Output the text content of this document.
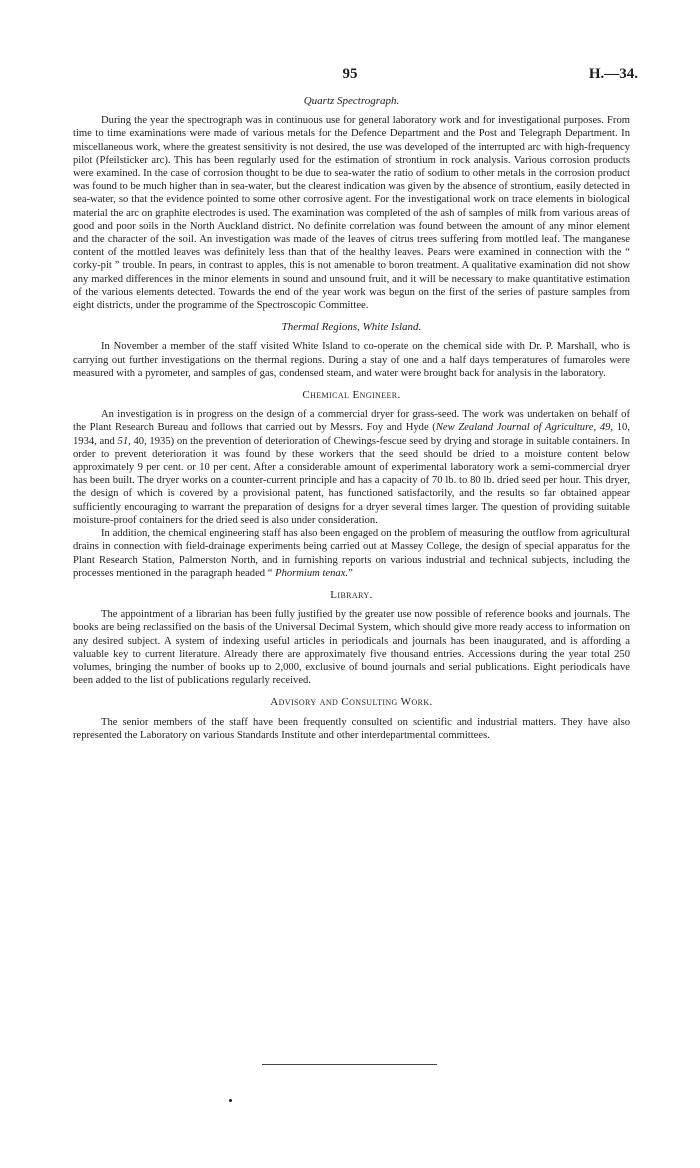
95	H.—34.
Quartz Spectrograph.

During the year the spectrograph was in continuous use for general laboratory work and for investigational purposes. From time to time examinations were made of various metals for the Defence Department and the Post and Telegraph Department. In miscellaneous work, where the greatest sensitivity is not desired, the use was developed of the interrupted arc with high-frequency pilot (Pfeilsticker arc). This has been regularly used for the estimation of strontium in rock analysis. Various corrosion products were examined. In the case of corrosion thought to be due to sea-water the ratio of sodium to other metals in the corrosion product was found to be much higher than in sea-water, but the clearest indication was given by the absence of strontium, easily detected in sea-water, so that the evidence pointed to some other corrosive agent. For the investigational work on trace elements in biological material the arc on graphite electrodes is used. The examination was completed of the ash of samples of milk from various areas of good and poor soils in the North Auckland district. No definite correlation was found between the amount of any minor element and the character of the soil. An investigation was made of the leaves of citrus trees suffering from mottled leaf. The manganese content of the mottled leaves was definitely less than that of the healthy leaves. Pears were examined in connection with the “ corky-pit ” trouble. In pears, in contrast to apples, this is not amenable to boron treatment. A qualitative examination did not show any marked differences in the minor elements in sound and unsound fruit, and it will be necessary to make quantitative estimation of the various elements detected. Towards the end of the year work was begun on the first of the series of pasture samples from eight districts, under the programme of the Spectroscopic Committee.

Thermal Regions, White Island.

In November a member of the staff visited White Island to co-operate on the chemical side with Dr. P. Marshall, who is carrying out further investigations on the thermal regions. During a stay of one and a half days temperatures of fumaroles were measured with a pyrometer, and samples of gas, condensed steam, and water were brought back for analysis in the laboratory.

Chemical Engineer.

An investigation is in progress on the design of a commercial dryer for grass-seed. The work was undertaken on behalf of the Plant Research Bureau and follows that carried out by Messrs. Foy and Hyde (New Zealand Journal of Agriculture, 49, 10, 1934, and 51, 40, 1935) on the prevention of deterioration of Chewings-fescue seed by drying and storage in suitable containers. In order to prevent deterioration it was found by these workers that the seed should be dried to a moisture content below approximately 9 per cent. or 10 per cent. After a considerable amount of experimental laboratory work a semi-commercial dryer has been built. The dryer works on a counter-current principle and has a capacity of 70 lb. to 80 lb. dried seed per hour. This dryer, the design of which is covered by a provisional patent, has functioned satisfactorily, and the results so far obtained appear sufficiently encouraging to warrant the preparation of designs for a dryer several times larger. The question of providing suitable moisture-proof containers for the dried seed is also under consideration.

In addition, the chemical engineering staff has also been engaged on the problem of measuring the outflow from agricultural drains in connection with field-drainage experiments being carried out at Massey College, the design of special apparatus for the Plant Research Station, Palmerston North, and in furnishing reports on various industrial and technical subjects, including the processes mentioned in the paragraph headed “ Phormium tenax.”

Library.

The appointment of a librarian has been fully justified by the greater use now possible of reference books and journals. The books are being reclassified on the basis of the Universal Decimal System, which should give more ready access to information on any desired subject. A system of indexing useful articles in periodicals and journals has been inaugurated, and is affording a valuable key to current literature. Already there are approximately five thousand entries. Accessions during the year total 250 volumes, bringing the number of books up to 2,000, exclusive of bound journals and serial publications. Eight periodicals have been added to the list of publications regularly received.

Advisory and Consulting Work.

The senior members of the staff have been frequently consulted on scientific and industrial matters. They have also represented the Laboratory on various Standards Institute and other interdepartmental committees.
